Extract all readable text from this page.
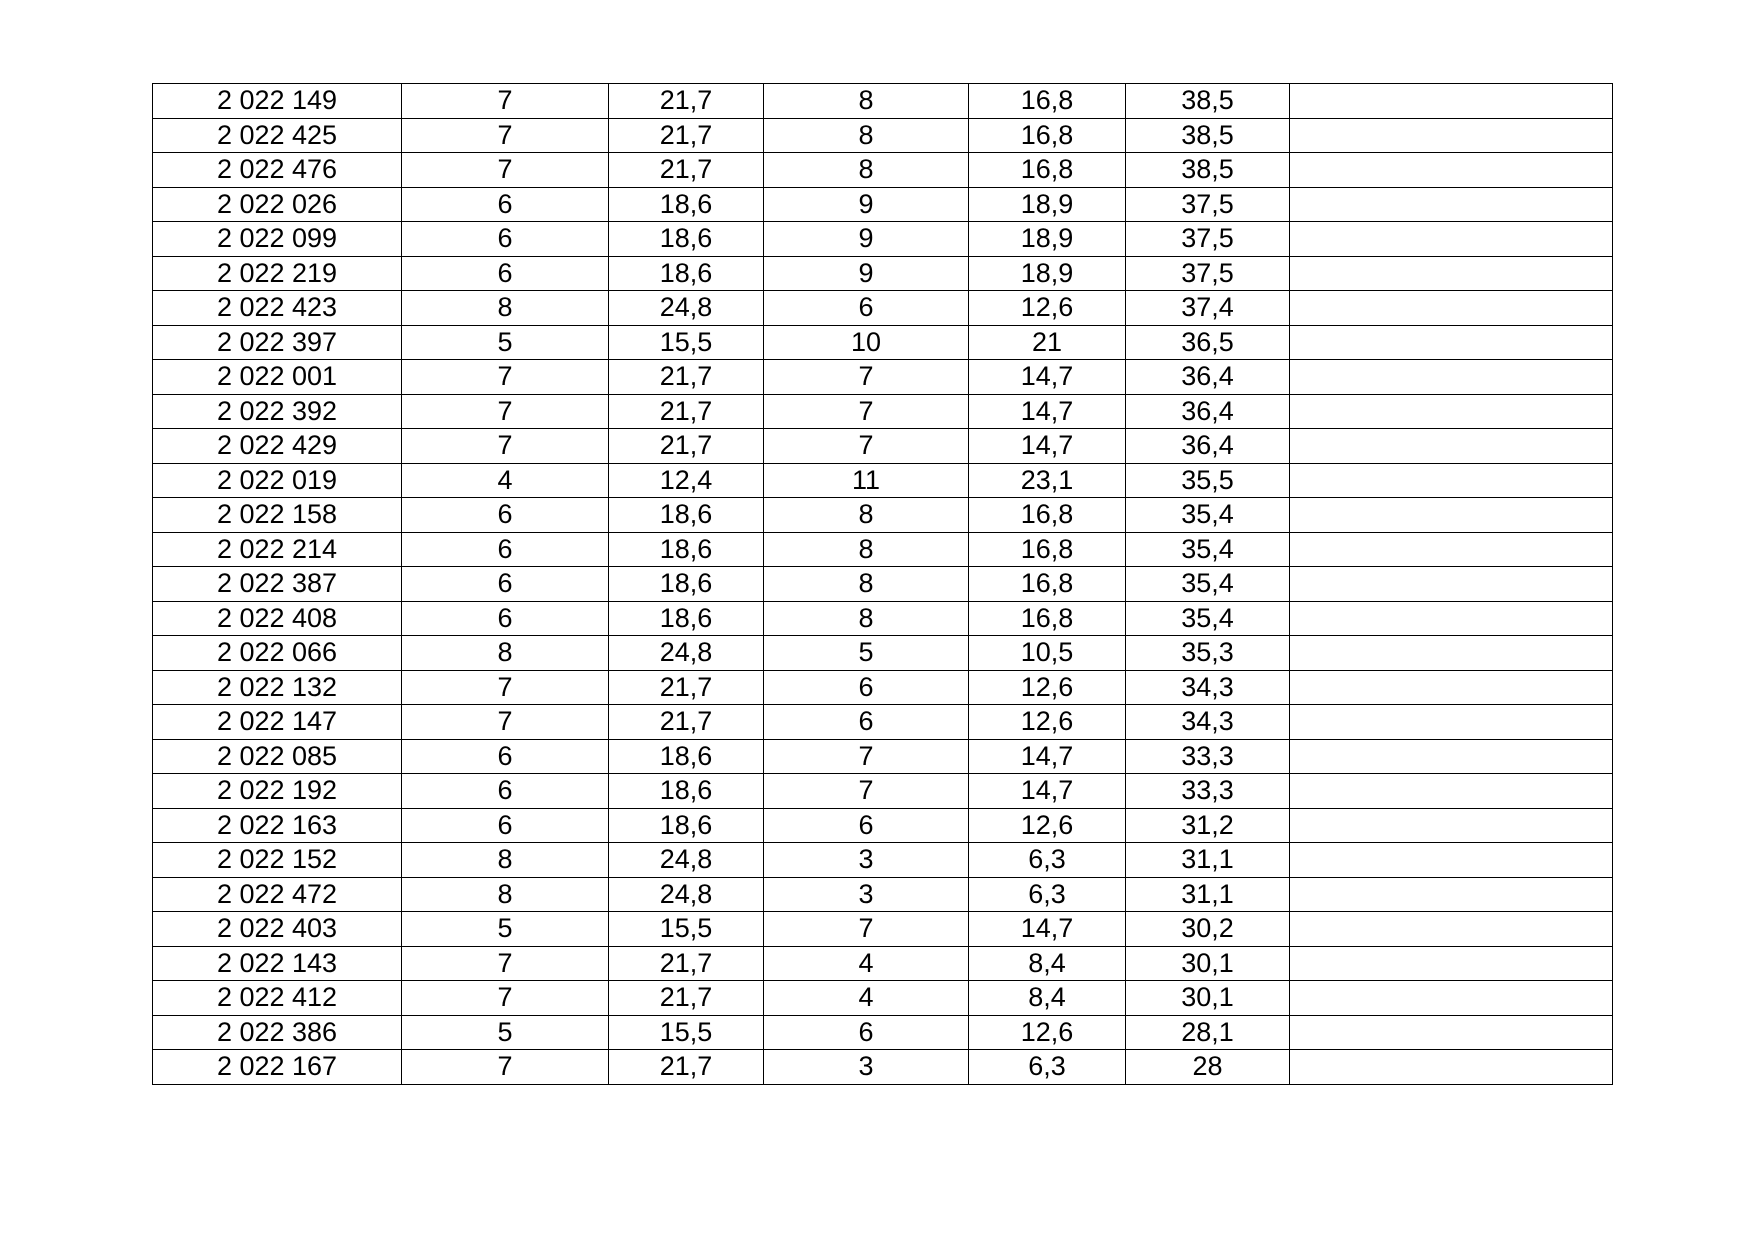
2 022 149	7	21,7	8	16,8	38,5	
2 022 425	7	21,7	8	16,8	38,5	
2 022 476	7	21,7	8	16,8	38,5	
2 022 026	6	18,6	9	18,9	37,5	
2 022 099	6	18,6	9	18,9	37,5	
2 022 219	6	18,6	9	18,9	37,5	
2 022 423	8	24,8	6	12,6	37,4	
2 022 397	5	15,5	10	21	36,5	
2 022 001	7	21,7	7	14,7	36,4	
2 022 392	7	21,7	7	14,7	36,4	
2 022 429	7	21,7	7	14,7	36,4	
2 022 019	4	12,4	11	23,1	35,5	
2 022 158	6	18,6	8	16,8	35,4	
2 022 214	6	18,6	8	16,8	35,4	
2 022 387	6	18,6	8	16,8	35,4	
2 022 408	6	18,6	8	16,8	35,4	
2 022 066	8	24,8	5	10,5	35,3	
2 022 132	7	21,7	6	12,6	34,3	
2 022 147	7	21,7	6	12,6	34,3	
2 022 085	6	18,6	7	14,7	33,3	
2 022 192	6	18,6	7	14,7	33,3	
2 022 163	6	18,6	6	12,6	31,2	
2 022 152	8	24,8	3	6,3	31,1	
2 022 472	8	24,8	3	6,3	31,1	
2 022 403	5	15,5	7	14,7	30,2	
2 022 143	7	21,7	4	8,4	30,1	
2 022 412	7	21,7	4	8,4	30,1	
2 022 386	5	15,5	6	12,6	28,1	
2 022 167	7	21,7	3	6,3	28	
